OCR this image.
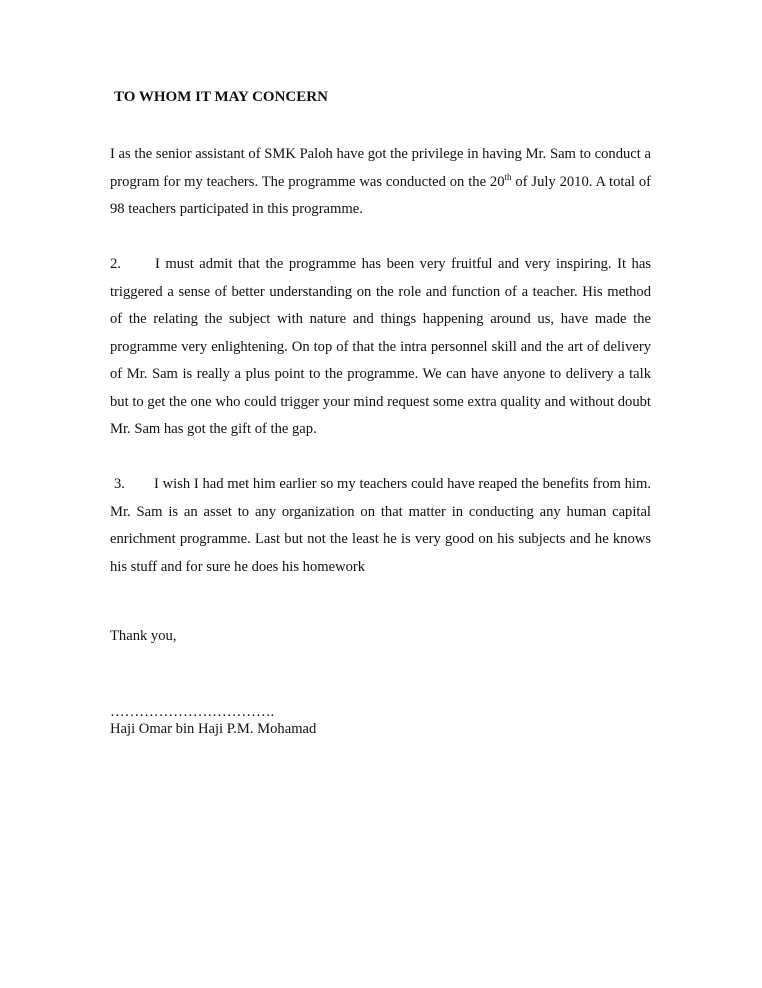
TO WHOM IT MAY CONCERN
I as the senior assistant of SMK Paloh have got the privilege in having Mr. Sam to conduct a program for my teachers. The programme was conducted on the 20th of July 2010. A total of 98 teachers participated in this programme.
2. I must admit that the programme has been very fruitful and very inspiring. It has triggered a sense of better understanding on the role and function of a teacher. His method of the relating the subject with nature and things happening around us, have made the programme very enlightening. On top of that the intra personnel skill and the art of delivery of Mr. Sam is really a plus point to the programme. We can have anyone to delivery a talk but to get the one who could trigger your mind request some extra quality and without doubt Mr. Sam has got the gift of the gap.
3. I wish I had met him earlier so my teachers could have reaped the benefits from him. Mr. Sam is an asset to any organization on that matter in conducting any human capital enrichment programme. Last but not the least he is very good on his subjects and he knows his stuff and for sure he does his homework
Thank you,
…………………………….
Haji Omar bin Haji P.M. Mohamad
